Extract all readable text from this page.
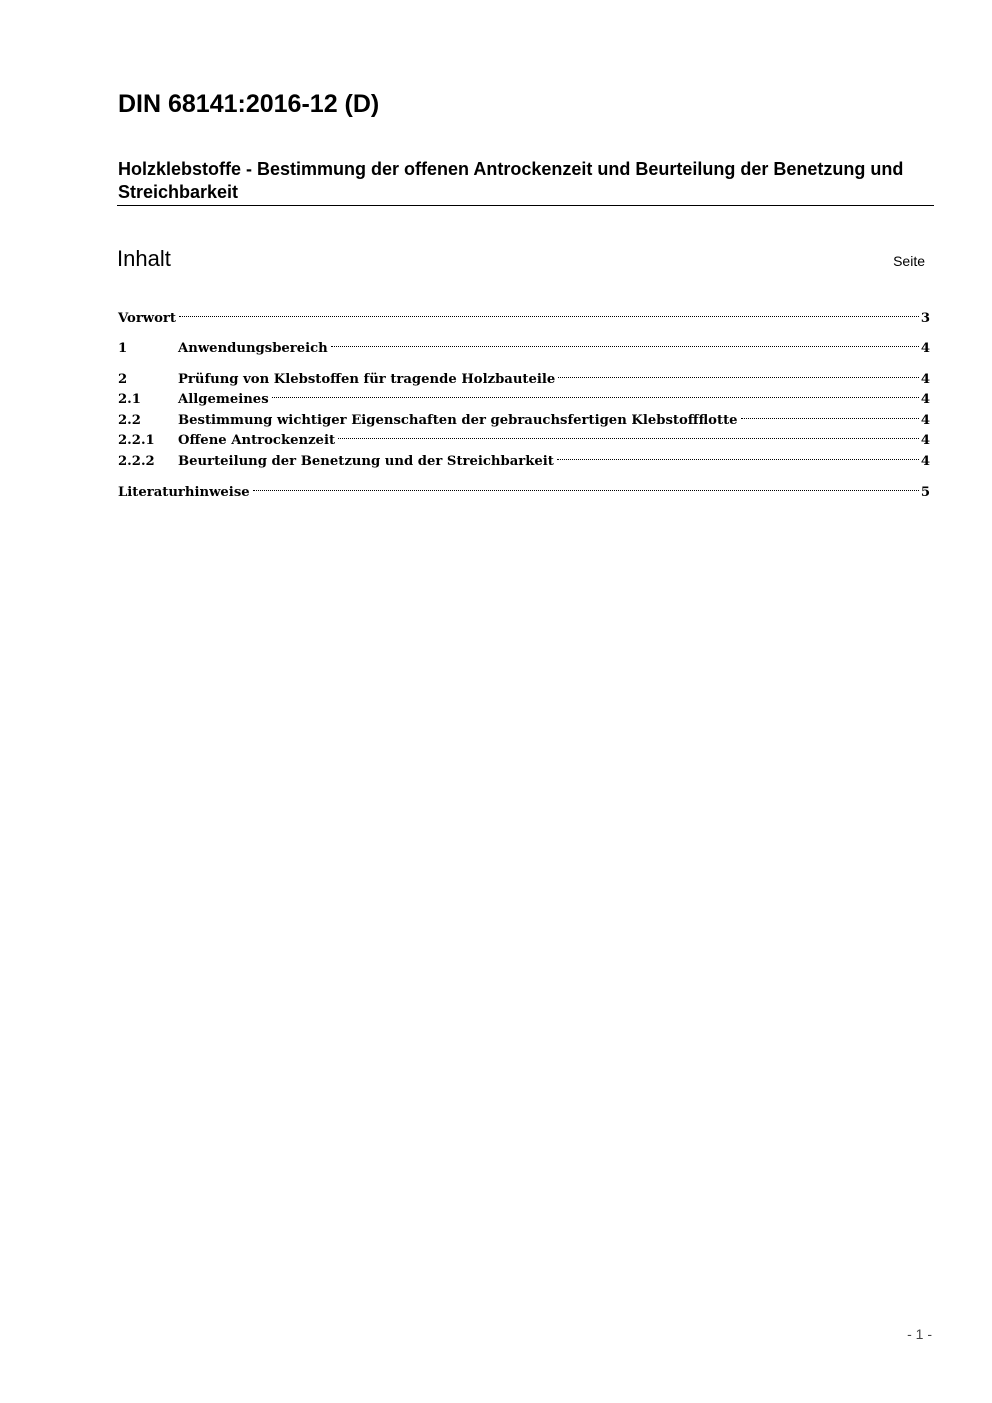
DIN 68141:2016-12 (D)
Holzklebstoffe - Bestimmung der offenen Antrockenzeit und Beurteilung der Benetzung und Streichbarkeit
Inhalt	Seite
Vorwort	3
1	Anwendungsbereich	4
2	Prüfung von Klebstoffen für tragende Holzbauteile	4
2.1	Allgemeines	4
2.2	Bestimmung wichtiger Eigenschaften der gebrauchsfertigen Klebstoffflotte	4
2.2.1	Offene Antrockenzeit	4
2.2.2	Beurteilung der Benetzung und der Streichbarkeit	4
Literaturhinweise	5
- 1 -
